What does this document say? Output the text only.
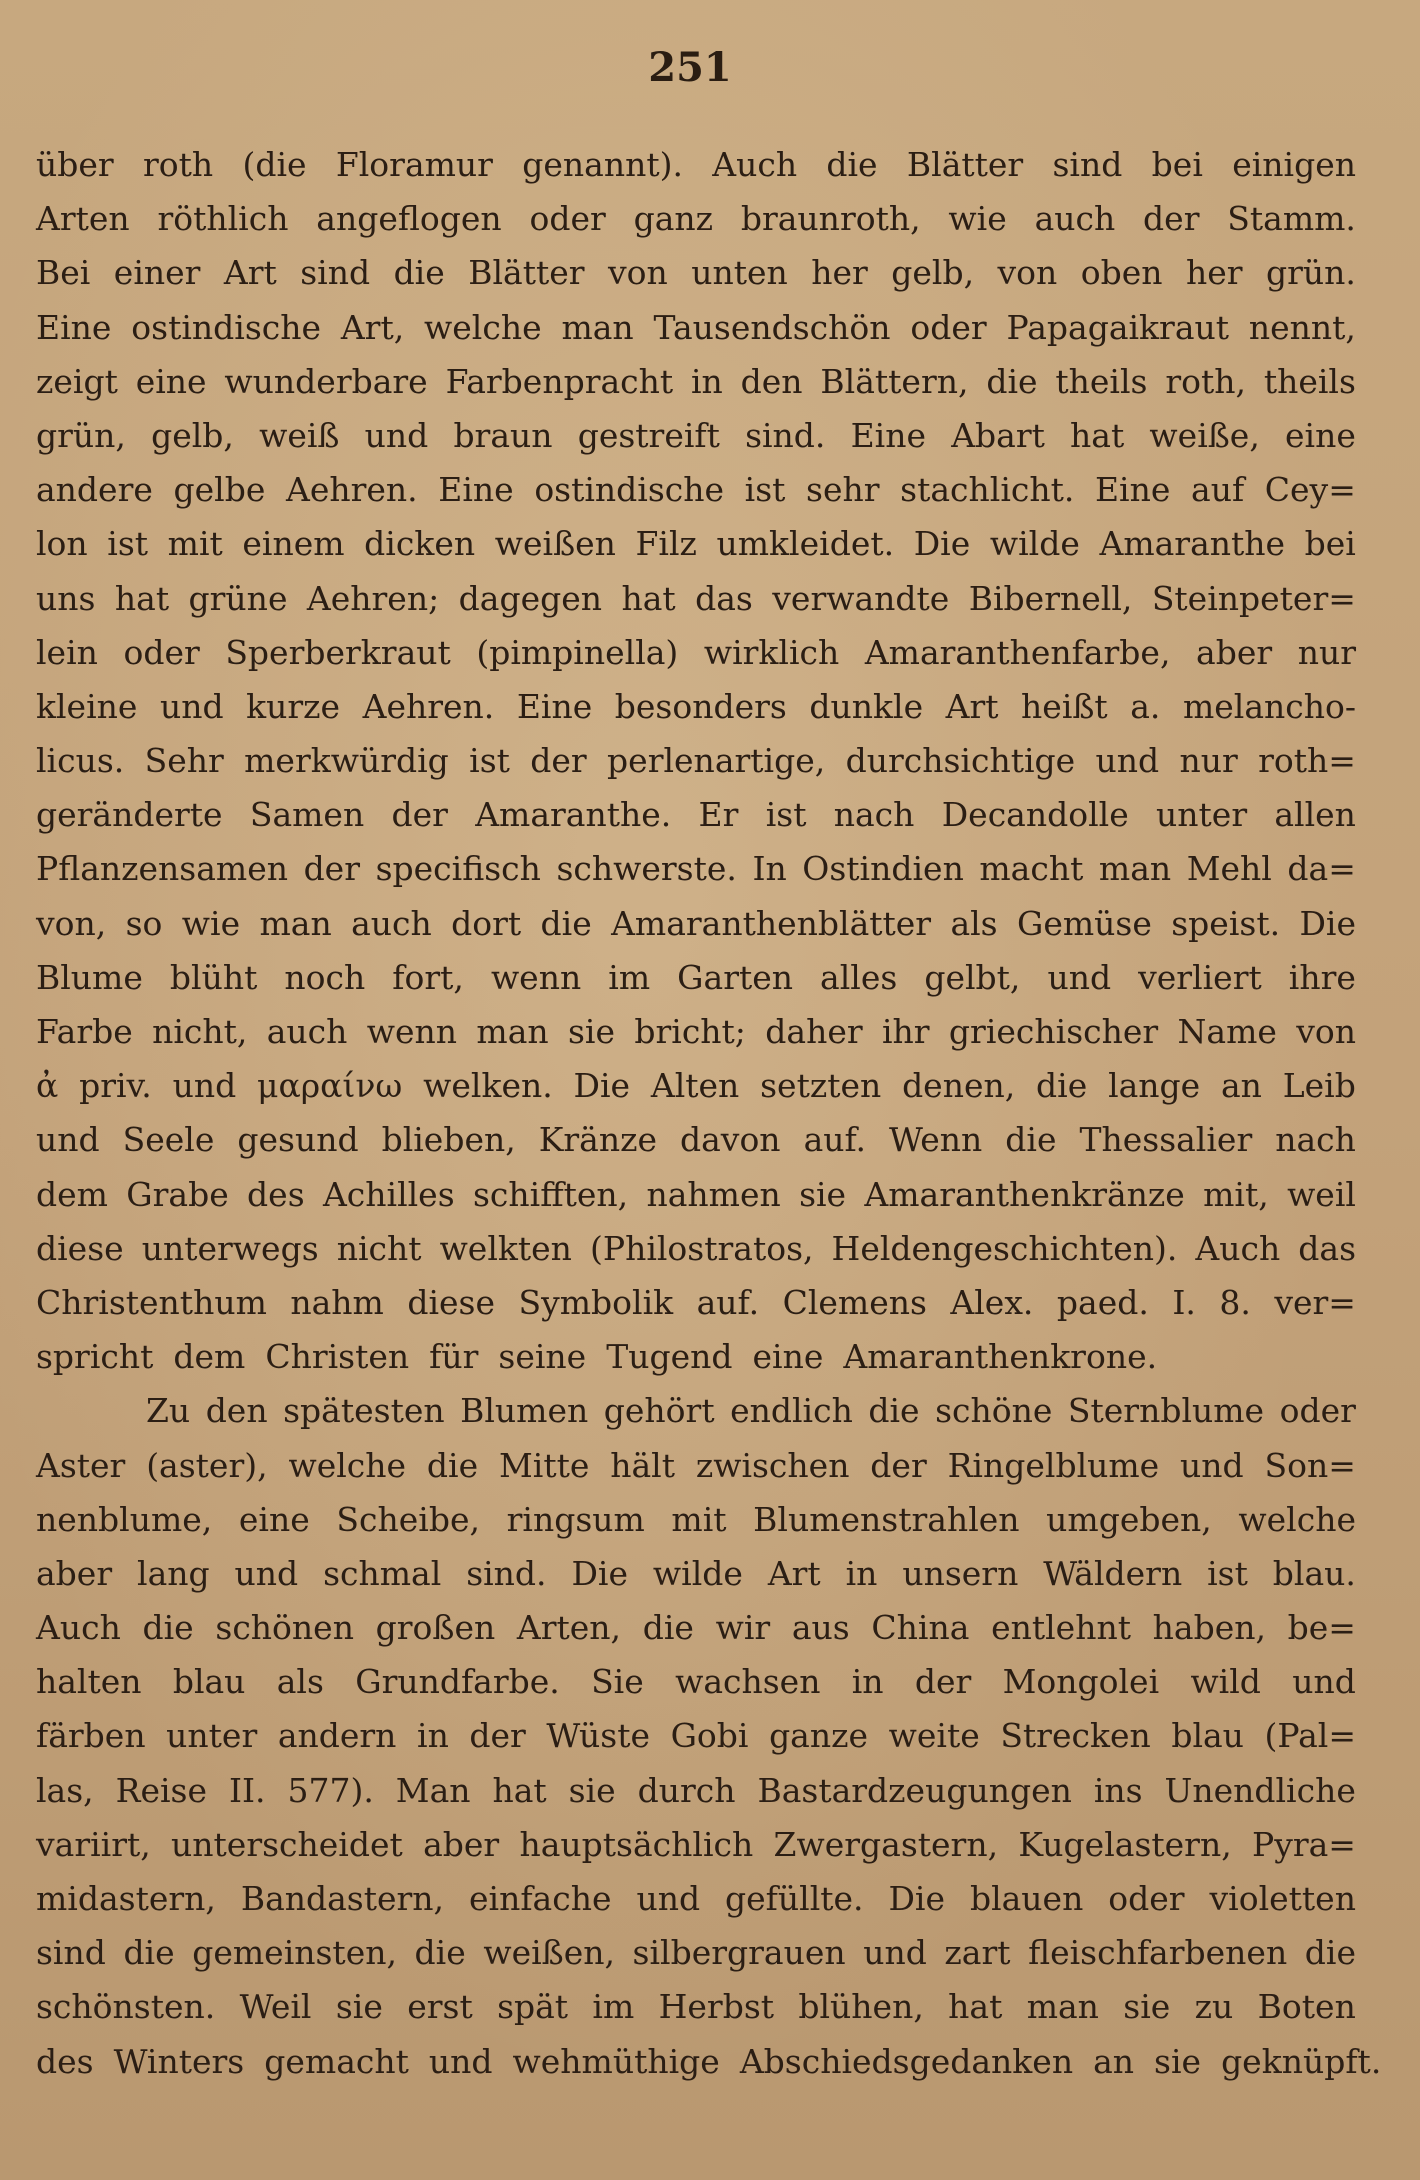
251
über roth (die Floramur genannt). Auch die Blätter sind bei einigen
Arten röthlich angeflogen oder ganz braunroth, wie auch der Stamm.
Bei einer Art sind die Blätter von unten her gelb, von oben her grün.
Eine ostindische Art, welche man Tausendschön oder Papagaikraut nennt,
zeigt eine wunderbare Farbenpracht in den Blättern, die theils roth, theils
grün, gelb, weiß und braun gestreift sind. Eine Abart hat weiße, eine
andere gelbe Aehren. Eine ostindische ist sehr stachlicht. Eine auf Cey=
lon ist mit einem dicken weißen Filz umkleidet. Die wilde Amaranthe bei
uns hat grüne Aehren; dagegen hat das verwandte Bibernell, Steinpeter=
lein oder Sperberkraut (pimpinella) wirklich Amaranthenfarbe, aber nur
kleine und kurze Aehren. Eine besonders dunkle Art heißt a. melancho-
licus. Sehr merkwürdig ist der perlenartige, durchsichtige und nur roth=
geränderte Samen der Amaranthe. Er ist nach Decandolle unter allen
Pflanzensamen der specifisch schwerste. In Ostindien macht man Mehl da=
von, so wie man auch dort die Amaranthenblätter als Gemüse speist. Die
Blume blüht noch fort, wenn im Garten alles gelbt, und verliert ihre
Farbe nicht, auch wenn man sie bricht; daher ihr griechischer Name von
ἀ priv. und μαραίνω welken. Die Alten setzten denen, die lange an Leib
und Seele gesund blieben, Kränze davon auf. Wenn die Thessalier nach
dem Grabe des Achilles schifften, nahmen sie Amaranthenkränze mit, weil
diese unterwegs nicht welkten (Philostratos, Heldengeschichten). Auch das
Christenthum nahm diese Symbolik auf. Clemens Alex. paed. I. 8. ver=
spricht dem Christen für seine Tugend eine Amaranthenkrone.
Zu den spätesten Blumen gehört endlich die schöne Sternblume oder
Aster (aster), welche die Mitte hält zwischen der Ringelblume und Son=
nenblume, eine Scheibe, ringsum mit Blumenstrahlen umgeben, welche
aber lang und schmal sind. Die wilde Art in unsern Wäldern ist blau.
Auch die schönen großen Arten, die wir aus China entlehnt haben, be=
halten blau als Grundfarbe. Sie wachsen in der Mongolei wild und
färben unter andern in der Wüste Gobi ganze weite Strecken blau (Pal=
las, Reise II. 577). Man hat sie durch Bastardzeugungen ins Unendliche
variirt, unterscheidet aber hauptsächlich Zwergastern, Kugelastern, Pyra=
midastern, Bandastern, einfache und gefüllte. Die blauen oder violetten
sind die gemeinsten, die weißen, silbergrauen und zart fleischfarbenen die
schönsten. Weil sie erst spät im Herbst blühen, hat man sie zu Boten
des Winters gemacht und wehmüthige Abschiedsgedanken an sie geknüpft.
